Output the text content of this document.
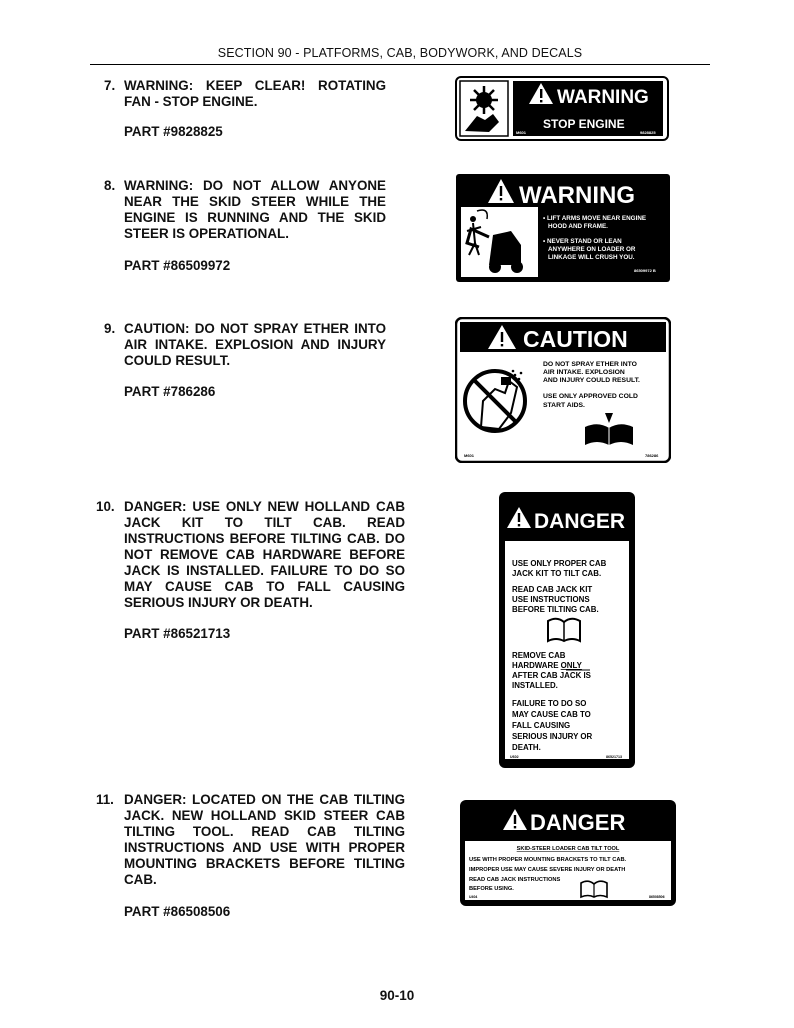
SECTION 90 - PLATFORMS, CAB, BODYWORK, AND DECALS
7. WARNING: KEEP CLEAR! ROTATING FAN - STOP ENGINE.
PART #9828825
WARNING
STOP ENGINE
M601	9828825
8. WARNING: DO NOT ALLOW ANYONE NEAR THE SKID STEER WHILE THE ENGINE IS RUNNING AND THE SKID STEER IS OPERATIONAL.
PART #86509972
WARNING
• LIFT ARMS MOVE NEAR ENGINE
HOOD AND FRAME.
• NEVER STAND OR LEAN
ANYWHERE ON LOADER OR
LINKAGE WILL CRUSH YOU.
86509972 B
9. CAUTION: DO NOT SPRAY ETHER INTO AIR INTAKE. EXPLOSION AND INJURY COULD RESULT.
PART #786286
CAUTION
DO NOT SPRAY ETHER INTO
AIR INTAKE. EXPLOSION
AND INJURY COULD RESULT.
USE ONLY APPROVED COLD
START AIDS.
M601	786286
10. DANGER: USE ONLY NEW HOLLAND CAB JACK KIT TO TILT CAB. READ INSTRUCTIONS BEFORE TILTING CAB. DO NOT REMOVE CAB HARDWARE BEFORE JACK IS INSTALLED. FAILURE TO DO SO MAY CAUSE CAB TO FALL CAUSING SERIOUS INJURY OR DEATH.
PART #86521713
DANGER
USE ONLY PROPER CAB
JACK KIT TO TILT CAB.
READ CAB JACK KIT
USE INSTRUCTIONS
BEFORE TILTING CAB.
REMOVE CAB
HARDWARE ONLY
AFTER CAB JACK IS
INSTALLED.
FAILURE TO DO SO
MAY CAUSE CAB TO
FALL CAUSING
SERIOUS INJURY OR
DEATH.
U602	86521713
11. DANGER: LOCATED ON THE CAB TILTING JACK. NEW HOLLAND SKID STEER CAB TILTING TOOL. READ CAB TILTING INSTRUCTIONS AND USE WITH PROPER MOUNTING BRACKETS BEFORE TILTING CAB.
PART #86508506
DANGER
SKID-STEER LOADER CAB TILT TOOL
USE WITH PROPER MOUNTING BRACKETS TO TILT CAB.
IMPROPER USE MAY CAUSE SEVERE INJURY OR DEATH
READ CAB JACK INSTRUCTIONS
BEFORE USING.
U404	86508506
90-10
